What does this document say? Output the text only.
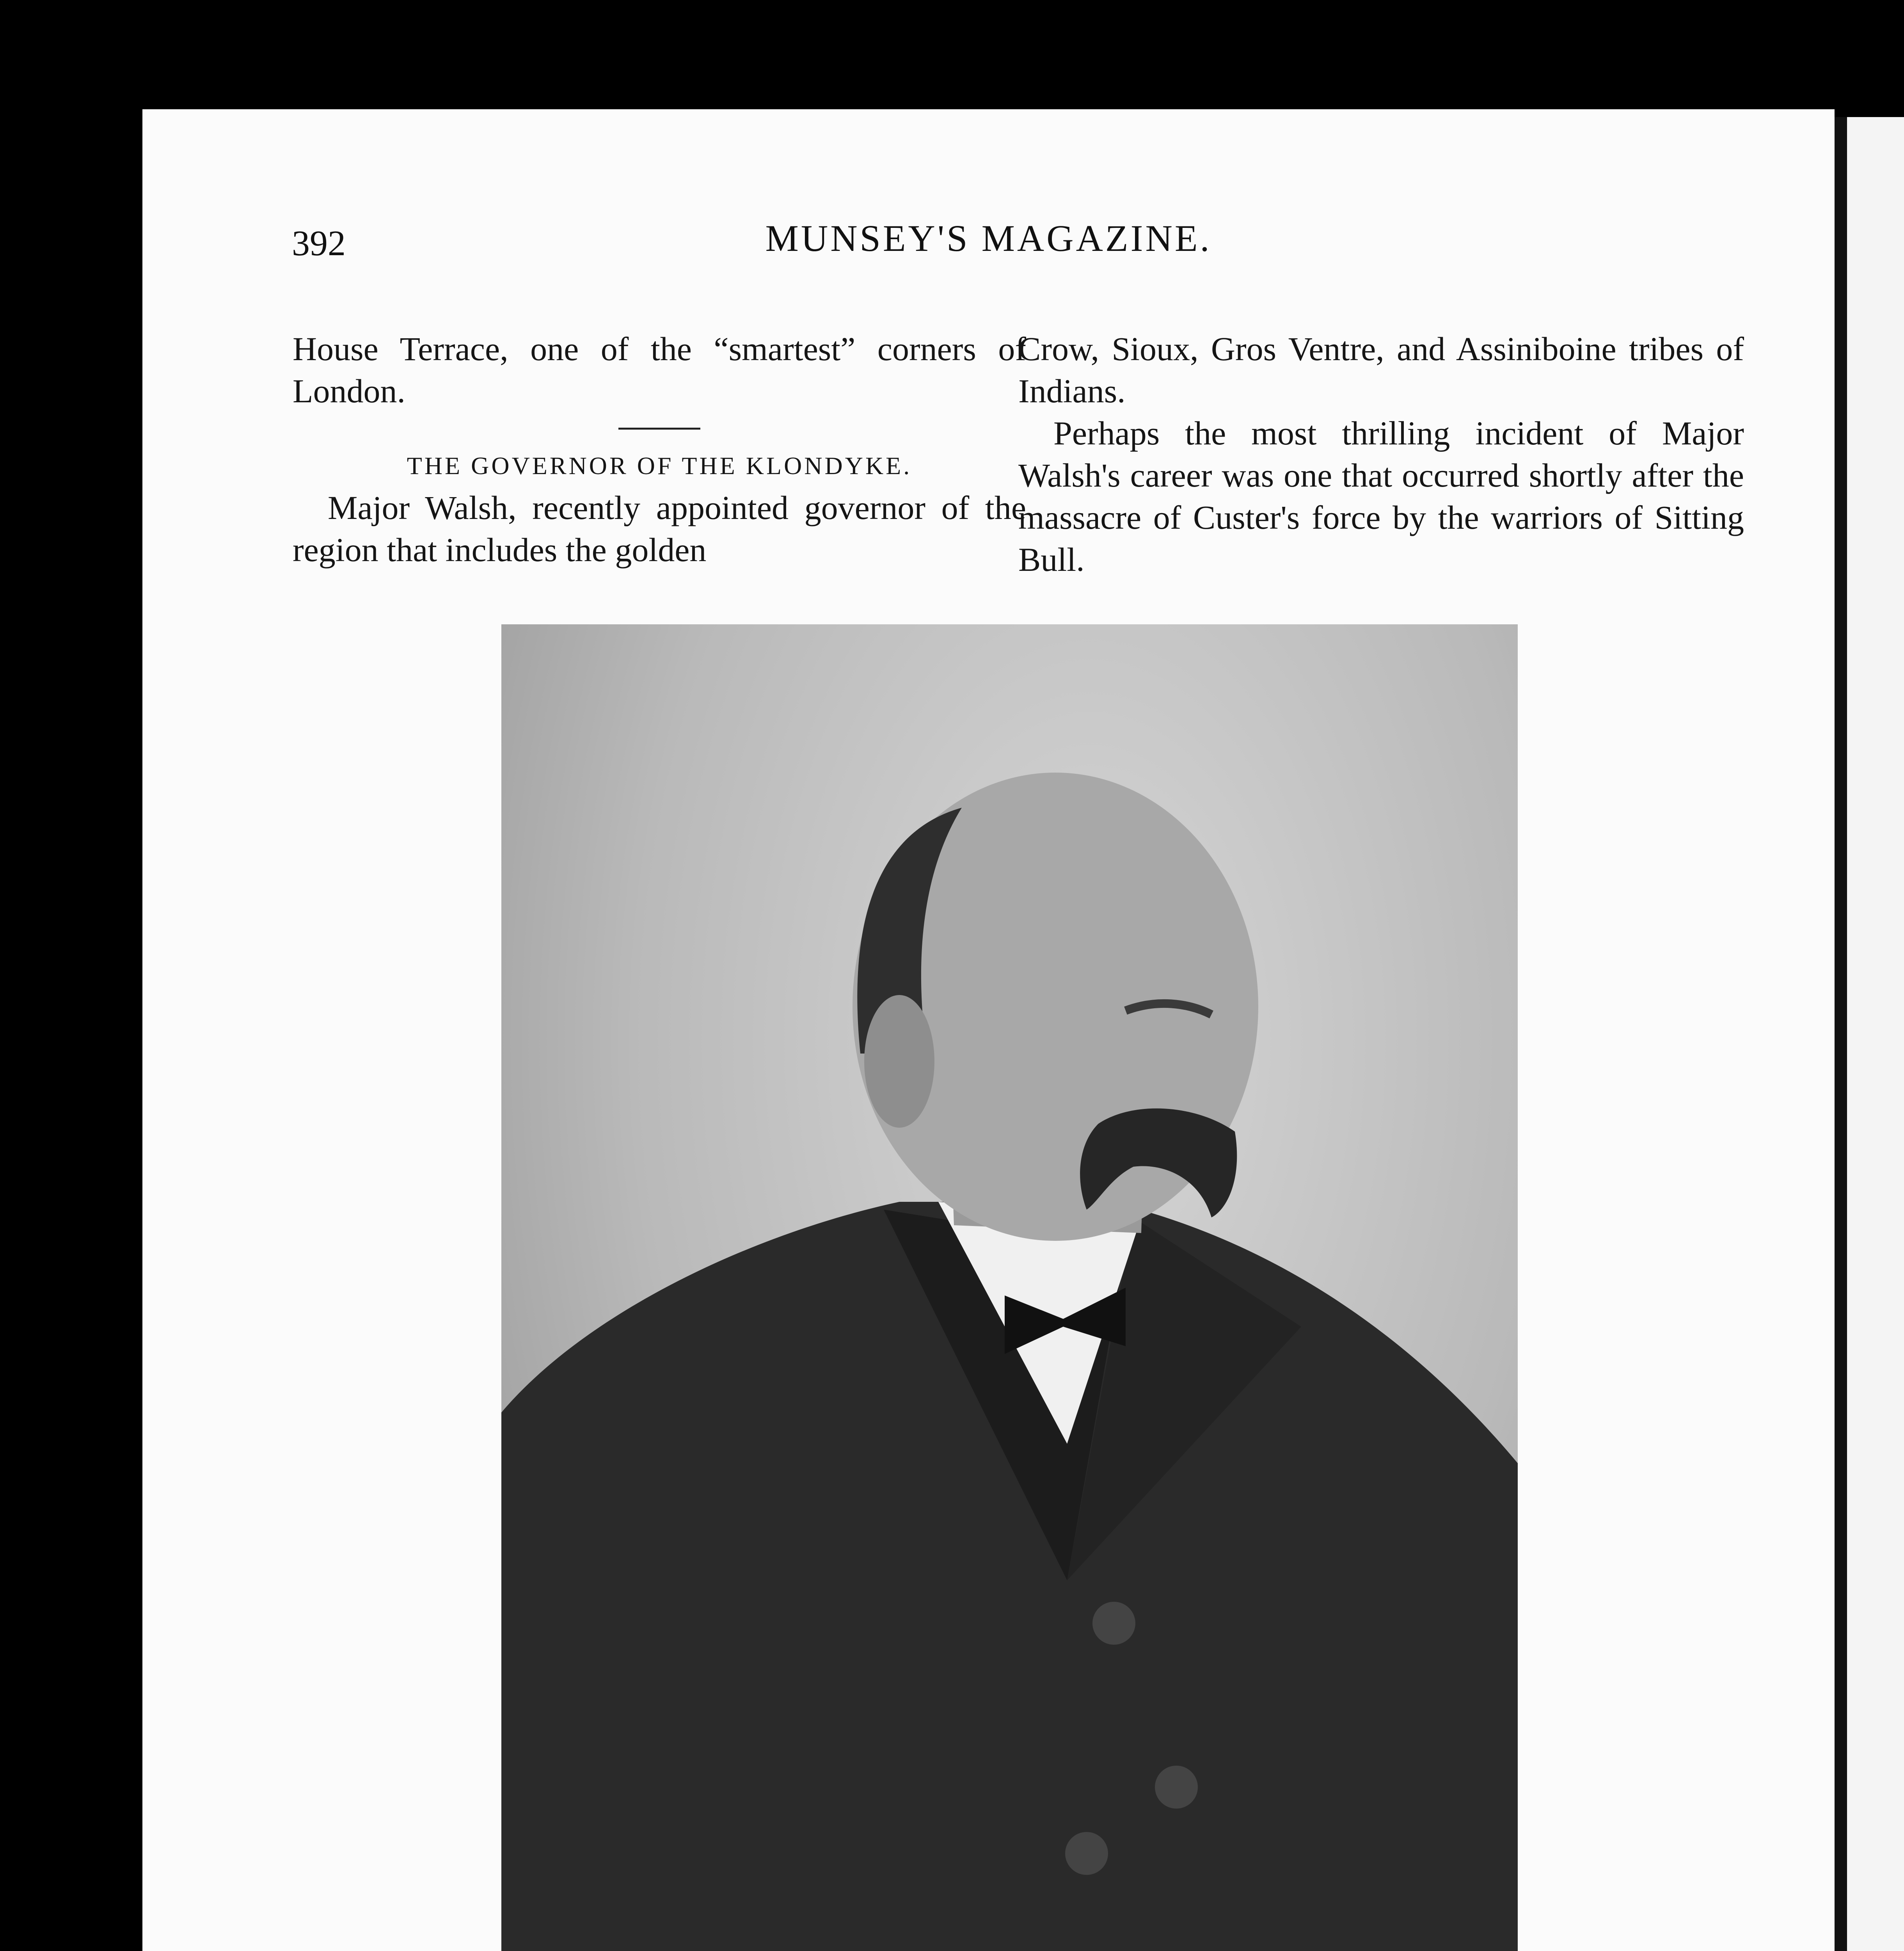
392	MUNSEY'S MAGAZINE.

House Terrace, one of the “smartest” corners of London.

THE GOVERNOR OF THE KLONDYKE.

Major Walsh, recently appointed governor of the region that includes the golden

Crow, Sioux, Gros Ventre, and Assiniboine tribes of Indians.

Perhaps the most thrilling incident of Major Walsh's career was one that occurred shortly after the massacre of Custer's force by the warriors of Sitting Bull.
